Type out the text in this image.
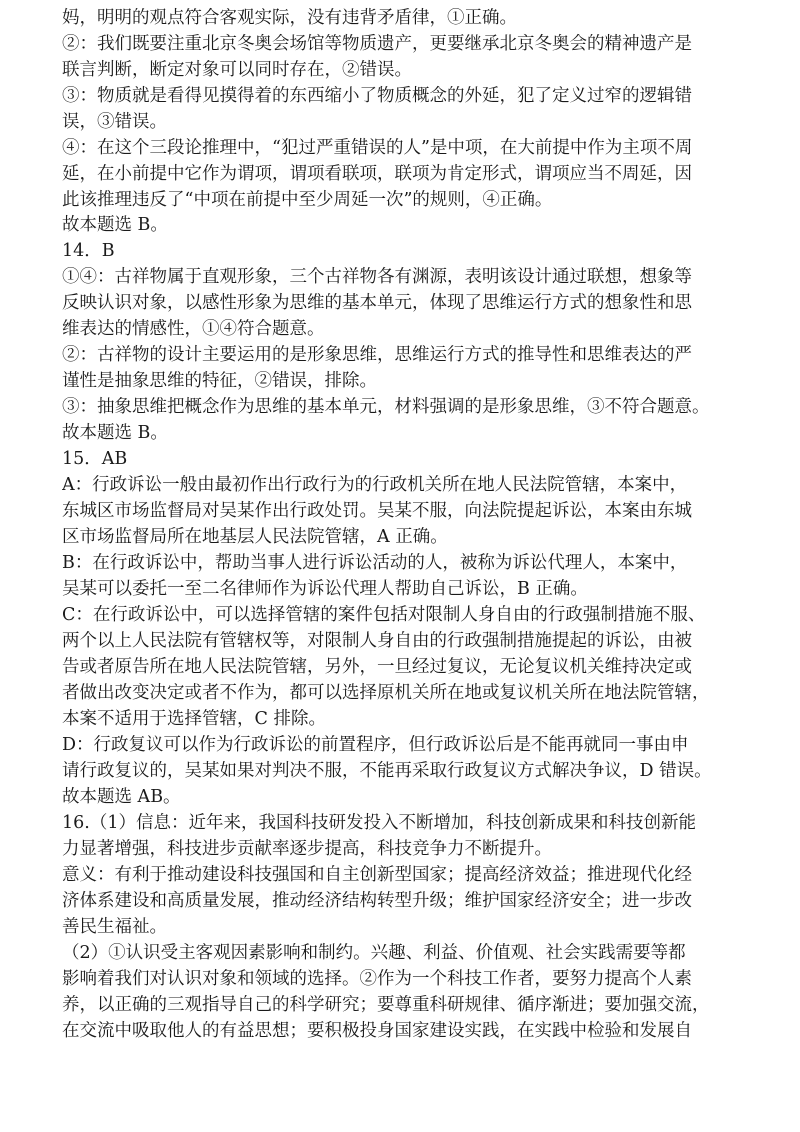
妈，明明的观点符合客观实际，没有违背矛盾律，①正确。
②：我们既要注重北京冬奥会场馆等物质遗产，更要继承北京冬奥会的精神遗产是
联言判断，断定对象可以同时存在，②错误。
③：物质就是看得见摸得着的东西缩小了物质概念的外延，犯了定义过窄的逻辑错
误，③错误。
④：在这个三段论推理中，“犯过严重错误的人”是中项，在大前提中作为主项不周
延，在小前提中它作为谓项，谓项看联项，联项为肯定形式，谓项应当不周延，因
此该推理违反了“中项在前提中至少周延一次”的规则，④正确。
故本题选 B。
14．B
①④：古祥物属于直观形象，三个古祥物各有渊源，表明该设计通过联想，想象等
反映认识对象，以感性形象为思维的基本单元，体现了思维运行方式的想象性和思
维表达的情感性，①④符合题意。
②：古祥物的设计主要运用的是形象思维，思维运行方式的推导性和思维表达的严
谨性是抽象思维的特征，②错误，排除。
③：抽象思维把概念作为思维的基本单元，材料强调的是形象思维，③不符合题意。
故本题选 B。
15．AB
A：行政诉讼一般由最初作出行政行为的行政机关所在地人民法院管辖，本案中，
东城区市场监督局对吴某作出行政处罚。吴某不服，向法院提起诉讼，本案由东城
区市场监督局所在地基层人民法院管辖，A 正确。
B：在行政诉讼中，帮助当事人进行诉讼活动的人，被称为诉讼代理人，本案中，
吴某可以委托一至二名律师作为诉讼代理人帮助自己诉讼，B 正确。
C：在行政诉讼中，可以选择管辖的案件包括对限制人身自由的行政强制措施不服、
两个以上人民法院有管辖权等，对限制人身自由的行政强制措施提起的诉讼，由被
告或者原告所在地人民法院管辖，另外，一旦经过复议，无论复议机关维持决定或
者做出改变决定或者不作为，都可以选择原机关所在地或复议机关所在地法院管辖，
本案不适用于选择管辖，C 排除。
D：行政复议可以作为行政诉讼的前置程序，但行政诉讼后是不能再就同一事由申
请行政复议的，吴某如果对判决不服，不能再采取行政复议方式解决争议，D 错误。
故本题选 AB。
16.（1）信息：近年来，我国科技研发投入不断增加，科技创新成果和科技创新能
力显著增强，科技进步贡献率逐步提高，科技竞争力不断提升。
意义：有利于推动建设科技强国和自主创新型国家；提高经济效益；推进现代化经
济体系建设和高质量发展，推动经济结构转型升级；维护国家经济安全；进一步改
善民生福祉。
（2）①认识受主客观因素影响和制约。兴趣、利益、价值观、社会实践需要等都
影响着我们对认识对象和领域的选择。②作为一个科技工作者，要努力提高个人素
养，以正确的三观指导自己的科学研究；要尊重科研规律、循序渐进；要加强交流，
在交流中吸取他人的有益思想；要积极投身国家建设实践，在实践中检验和发展自
